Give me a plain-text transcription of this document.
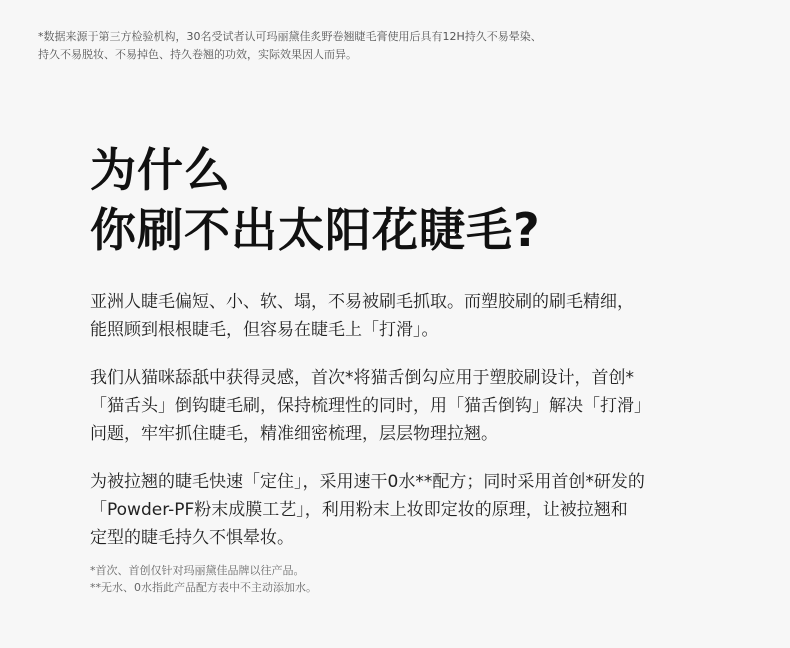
*数据来源于第三方检验机构，30名受试者认可玛丽黛佳炙野卷翘睫毛膏使用后具有12H持久不易晕染、

持久不易脱妆、不易掉色、持久卷翘的功效，实际效果因人而异。

为什么
你刷不出太阳花睫毛?

亚洲人睫毛偏短、小、软、塌，不易被刷毛抓取。而塑胶刷的刷毛精细，
能照顾到根根睫毛，但容易在睫毛上「打滑」。

我们从猫咪舔舐中获得灵感，首次*将猫舌倒勾应用于塑胶刷设计，首创*
「猫舌头」倒钩睫毛刷，保持梳理性的同时，用「猫舌倒钩」解决「打滑」
问题，牢牢抓住睫毛，精准细密梳理，层层物理拉翘。

为被拉翘的睫毛快速「定住」，采用速干0水**配方；同时采用首创*研发的
「Powder-PF粉末成膜工艺」，利用粉末上妆即定妆的原理，让被拉翘和
定型的睫毛持久不惧晕妆。

*首次、首创仅针对玛丽黛佳品牌以往产品。

**无水、0水指此产品配方表中不主动添加水。
